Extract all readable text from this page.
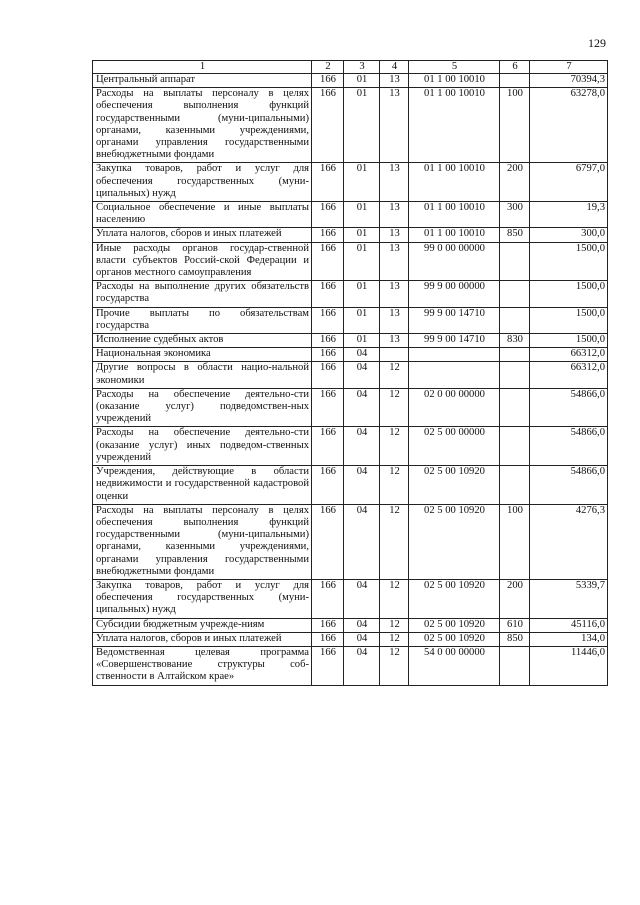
129
1	2	3	4	5	6	7
Центральный аппарат	166	01	13	01 1 00 10010		70394,3
Расходы на выплаты персоналу в целях обеспечения выполнения функций государственными (муни-ципальными) органами, казенными учреждениями, органами управления государственными внебюджетными фондами	166	01	13	01 1 00 10010	100	63278,0
Закупка товаров, работ и услуг для обеспечения государственных (муни-ципальных) нужд	166	01	13	01 1 00 10010	200	6797,0
Социальное обеспечение и иные выплаты населению	166	01	13	01 1 00 10010	300	19,3
Уплата налогов, сборов и иных платежей	166	01	13	01 1 00 10010	850	300,0
Иные расходы органов государ-ственной власти субъектов Россий-ской Федерации и органов местного самоуправления	166	01	13	99 0 00 00000		1500,0
Расходы на выполнение других обязательств государства	166	01	13	99 9 00 00000		1500,0
Прочие выплаты по обязательствам государства	166	01	13	99 9 00 14710		1500,0
Исполнение судебных актов	166	01	13	99 9 00 14710	830	1500,0
Национальная экономика	166	04				66312,0
Другие вопросы в области нацио-нальной экономики	166	04	12			66312,0
Расходы на обеспечение деятельно-сти (оказание услуг) подведомствен-ных учреждений	166	04	12	02 0 00 00000		54866,0
Расходы на обеспечение деятельно-сти (оказание услуг) иных подведом-ственных учреждений	166	04	12	02 5 00 00000		54866,0
Учреждения, действующие в области недвижимости и государственной кадастровой оценки	166	04	12	02 5 00 10920		54866,0
Расходы на выплаты персоналу в целях обеспечения выполнения функций государственными (муни-ципальными) органами, казенными учреждениями, органами управления государственными внебюджетными фондами	166	04	12	02 5 00 10920	100	4276,3
Закупка товаров, работ и услуг для обеспечения государственных (муни-ципальных) нужд	166	04	12	02 5 00 10920	200	5339,7
Субсидии бюджетным учрежде-ниям	166	04	12	02 5 00 10920	610	45116,0
Уплата налогов, сборов и иных платежей	166	04	12	02 5 00 10920	850	134,0
Ведомственная целевая программа «Совершенствование структуры соб-ственности в Алтайском крае»	166	04	12	54 0 00 00000		11446,0
